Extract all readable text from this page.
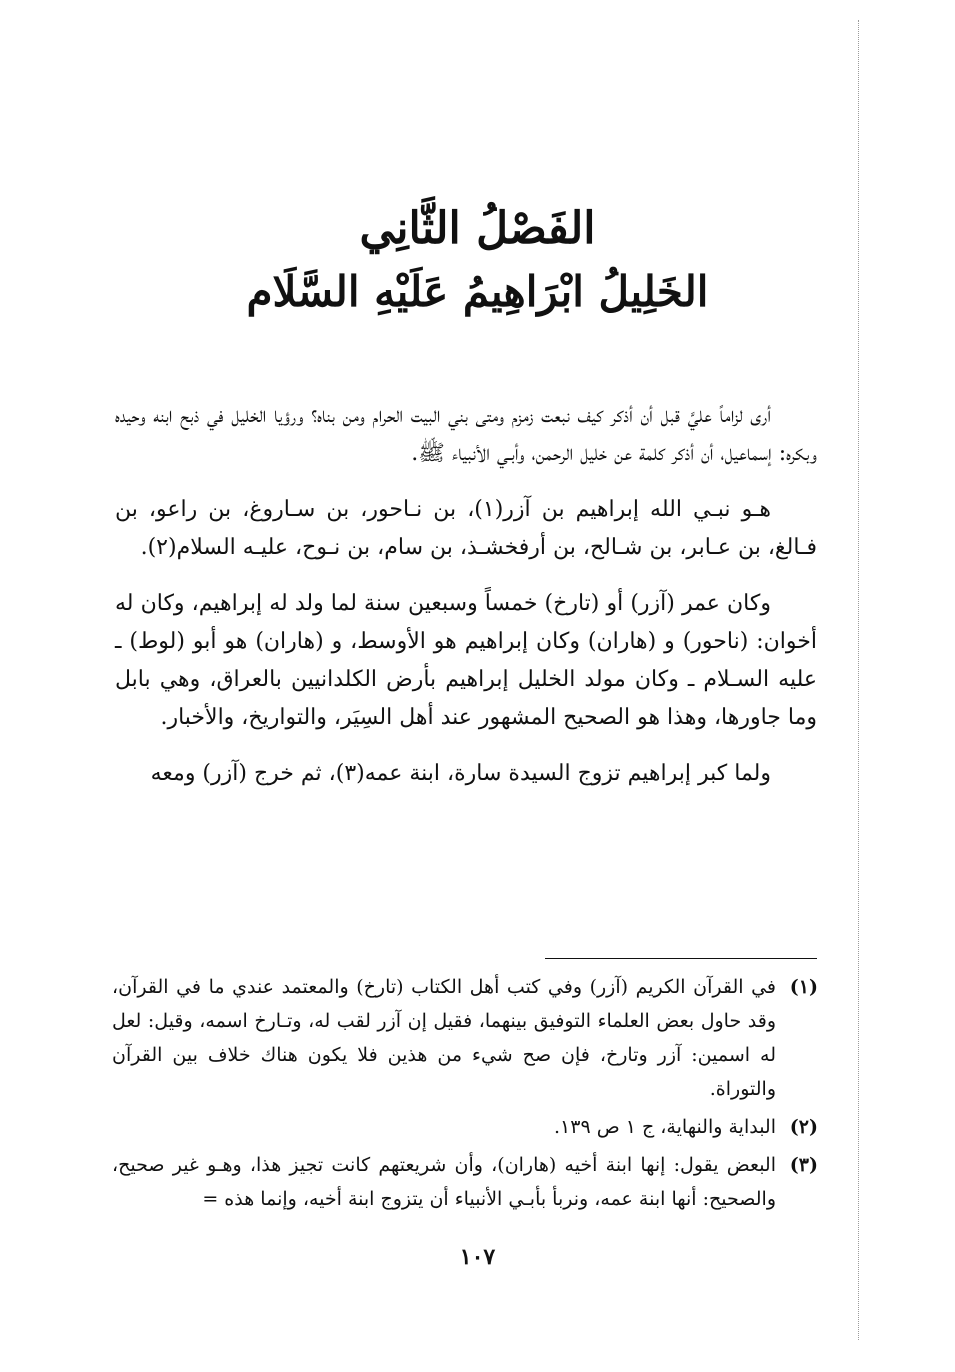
الفَصْلُ الثَّانِي

الخَلِيلُ ابْرَاهِيمُ عَلَيْهِ السَّلَام

أرى لزاماً عليَّ قبل أن أذكر كيف نبعت زمزم ومتى بني البيت الحرام ومن بناه؟ ورؤيا الخليل في ذبح ابنه وحيده وبكره: إسماعيل، أن أذكر كلمة عن خليل الرحمن، وأبـي الأنبياء ﷺ.

هـو نبـي الله إبراهيم بن آزر(١)، بن نـاحور، بن سـاروغ، بن راعو، بن فـالغ، بن عـابر، بن شـالح، بن أرفخشـذ، بن سام، بن نـوح، عليـه السلام(٢).

وكان عمر (آزر) أو (تارخ) خمساً وسبعين سنة لما ولد له إبراهيم، وكان له أخوان: (ناحور) و (هاران) وكان إبراهيم هو الأوسط، و (هاران) هو أبو (لوط) ـ عليه السـلام ـ وكان مولد الخليل إبراهيم بأرض الكلدانيين بالعراق، وهي بابل وما جاورها، وهذا هو الصحيح المشهور عند أهل السِيَر، والتواريخ، والأخبار.

ولما كبر إبراهيم تزوج السيدة سارة، ابنة عمه(٣)، ثم خرج (آزر) ومعه

(١)
في القرآن الكريم (آزر) وفي كتب أهل الكتاب (تارخ) والمعتمد عندي ما في القرآن، وقد حاول بعض العلماء التوفيق بينهما، فقيل إن آزر لقب له، وتـارخ اسمه، وقيل: لعل له اسمين: آزر وتارخ، فإن صح شيء من هذين فلا يكون هناك خلاف بين القرآن والتوراة.
(٢)
البداية والنهاية، ج ١ ص ١٣٩.
(٣)
البعض يقول: إنها ابنة أخيه (هاران)، وأن شريعتهم كانت تجيز هذا، وهـو غير صحيح، والصحيح: أنها ابنة عمه، ونربأ بأبـي الأنبياء أن يتزوج ابنة أخيه، وإنما هذه =
١٠٧
